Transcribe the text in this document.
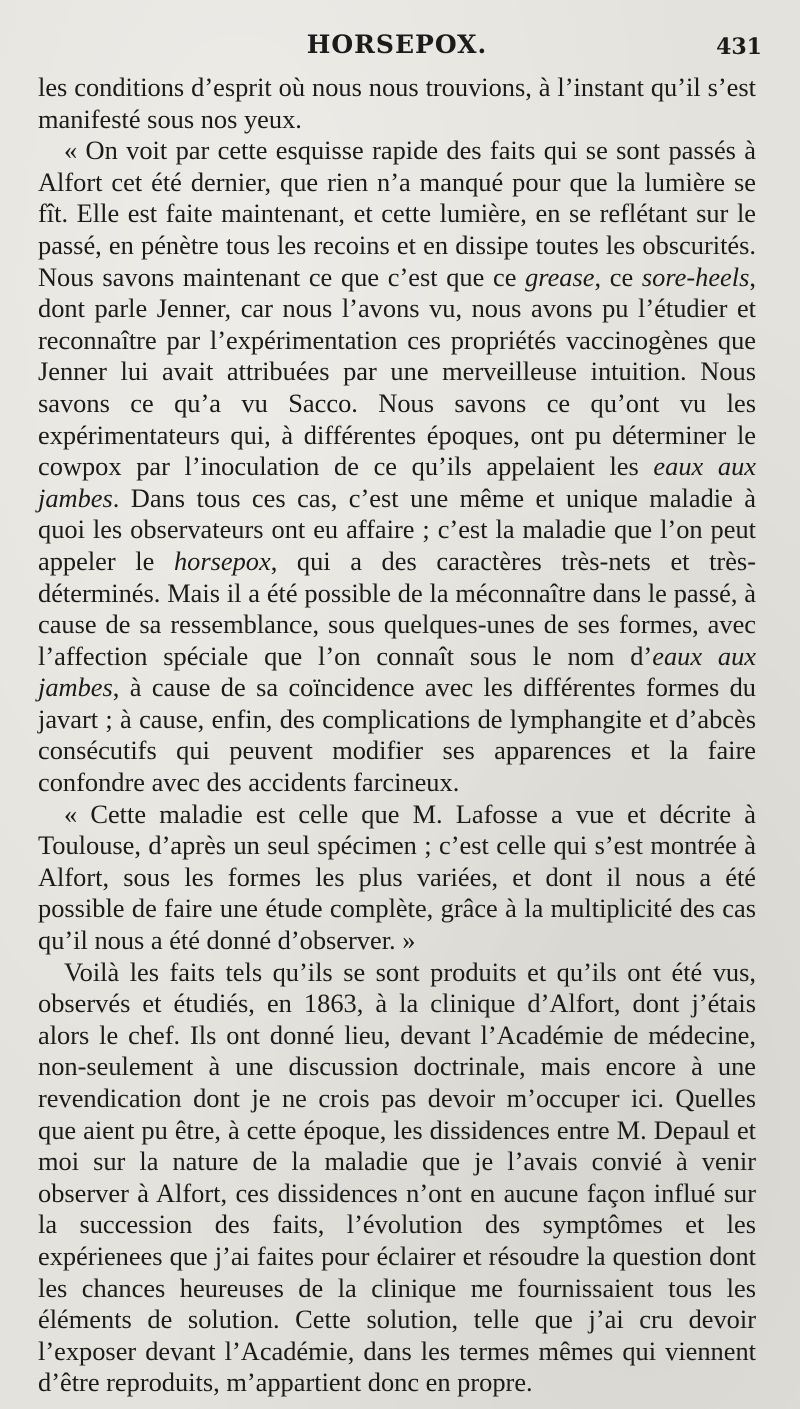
HORSEPOX.	431

les conditions d’esprit où nous nous trouvions, à l’instant qu’il s’est manifesté sous nos yeux.

« On voit par cette esquisse rapide des faits qui se sont passés à Alfort cet été dernier, que rien n’a manqué pour que la lumière se fît. Elle est faite maintenant, et cette lumière, en se reflétant sur le passé, en pénètre tous les recoins et en dissipe toutes les obscurités. Nous savons maintenant ce que c’est que ce grease, ce sore-heels, dont parle Jenner, car nous l’avons vu, nous avons pu l’étudier et reconnaître par l’expérimentation ces propriétés vaccinogènes que Jenner lui avait attribuées par une merveilleuse intuition. Nous savons ce qu’a vu Sacco. Nous savons ce qu’ont vu les expérimentateurs qui, à différentes époques, ont pu déterminer le cowpox par l’inoculation de ce qu’ils appelaient les eaux aux jambes. Dans tous ces cas, c’est une même et unique maladie à quoi les observateurs ont eu affaire ; c’est la maladie que l’on peut appeler le horsepox, qui a des caractères très-nets et très-déterminés. Mais il a été possible de la méconnaître dans le passé, à cause de sa ressemblance, sous quelques-unes de ses formes, avec l’affection spéciale que l’on connaît sous le nom d’eaux aux jambes, à cause de sa coïncidence avec les différentes formes du javart ; à cause, enfin, des complications de lymphangite et d’abcès consécutifs qui peuvent modifier ses apparences et la faire confondre avec des accidents farcineux.

« Cette maladie est celle que M. Lafosse a vue et décrite à Toulouse, d’après un seul spécimen ; c’est celle qui s’est montrée à Alfort, sous les formes les plus variées, et dont il nous a été possible de faire une étude complète, grâce à la multiplicité des cas qu’il nous a été donné d’observer. »

Voilà les faits tels qu’ils se sont produits et qu’ils ont été vus, observés et étudiés, en 1863, à la clinique d’Alfort, dont j’étais alors le chef. Ils ont donné lieu, devant l’Académie de médecine, non-seulement à une discussion doctrinale, mais encore à une revendication dont je ne crois pas devoir m’occuper ici. Quelles que aient pu être, à cette époque, les dissidences entre M. Depaul et moi sur la nature de la maladie que je l’avais convié à venir observer à Alfort, ces dissidences n’ont en aucune façon influé sur la succession des faits, l’évolution des symptômes et les expérienees que j’ai faites pour éclairer et résoudre la question dont les chances heureuses de la clinique me fournissaient tous les éléments de solution. Cette solution, telle que j’ai cru devoir l’exposer devant l’Académie, dans les termes mêmes qui viennent d’être reproduits, m’appartient donc en propre.
